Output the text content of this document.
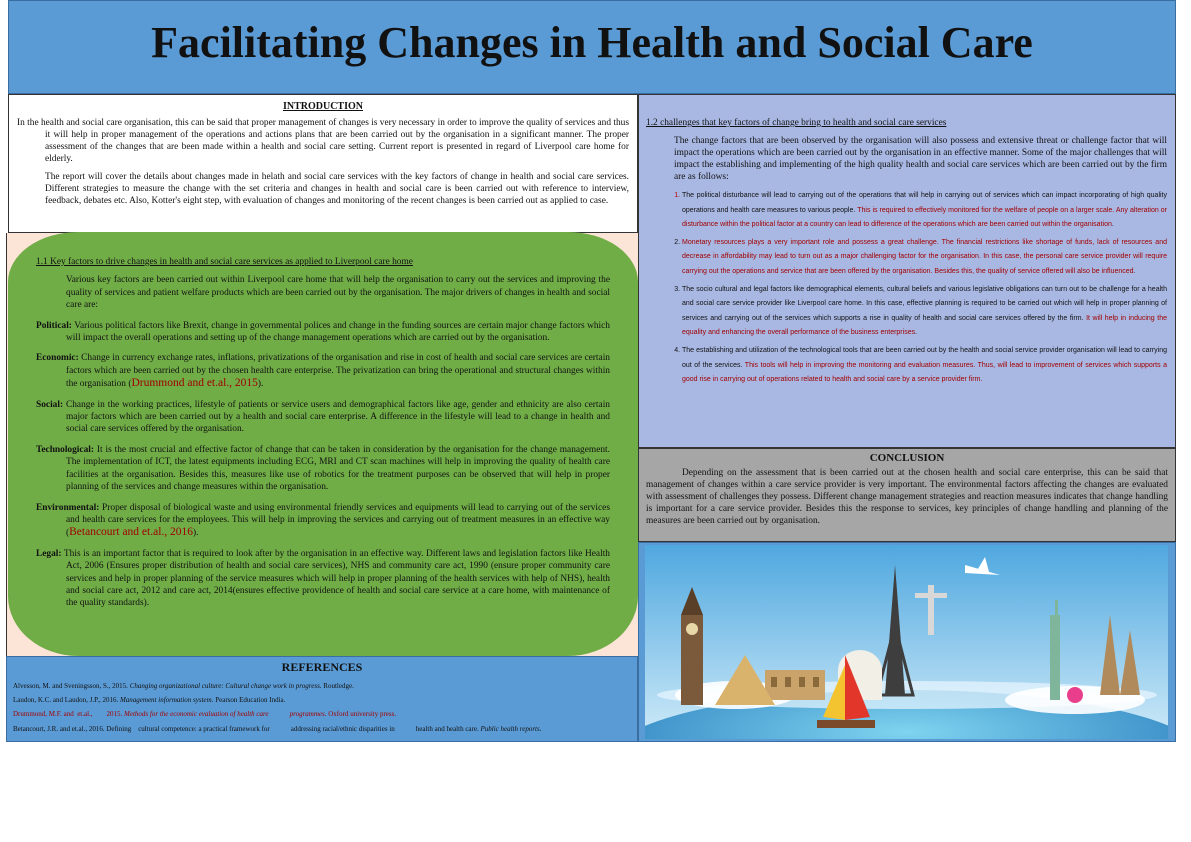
Facilitating Changes in Health and Social Care
INTRODUCTION

In the health and social care organisation, this can be said that proper management of changes is very necessary in order to improve the quality of services and thus it will help in proper management of the operations and actions plans that are been carried out by the organisation in a significant manner. The proper assessment of the changes that are been made within a health and social care setting. Current report is presented in regard of Liverpool care home for elderly.

The report will cover the details about changes made in helath and social care services with the key factors of change in health and social care services. Different strategies to measure the change with the set criteria and changes in health and social care is been carried out with reference to interview, feedback, debates etc. Also, Kotter's eight step, with evaluation of changes and monitoring of the recent changes is been carried out as applied to case.

1.1 Key factors to drive changes in health and social care services as applied to Liverpool care home

Various key factors are been carried out within Liverpool care home that will help the organisation to carry out the services and improving the quality of services and patient welfare products which are been carried out by the organisation. The major drivers of changes in health and social care are:

Political: Various political factors like Brexit, change in governmental polices and change in the funding sources are certain major change factors which will impact the overall operations and setting up of the change management operations which are carried out by the organisation.

Economic: Change in currency exchange rates, inflations, privatizations of the organisation and rise in cost of health and social care services are certain factors which are been carried out by the chosen health care enterprise. The privatization can bring the operational and structural changes within the organisation (Drummond and et.al., 2015).

Social: Change in the working practices, lifestyle of patients or service users and demographical factors like age, gender and ethnicity are also certain major factors which are been carried out by a health and social care enterprise. A difference in the lifestyle will lead to a change in health and social care services offered by the organisation.

Technological: It is the most crucial and effective factor of change that can be taken in consideration by the organisation for the change management. The implementation of ICT, the latest equipments including ECG, MRI and CT scan machines will help in improving the quality of health care facilities at the organisation. Besides this, measures like use of robotics for the treatment purposes can be observed that will help in proper planning of the services and change measures within the organisation.

Environmental: Proper disposal of biological waste and using environmental friendly services and equipments will lead to carrying out of the services and health care services for the employees. This will help in improving the services and carrying out of treatment measures in an effective way (Betancourt and et.al., 2016).

Legal: This is an important factor that is required to look after by the organisation in an effective way. Different laws and legislation factors like Health Act, 2006 (Ensures proper distribution of health and social care services), NHS and community care act, 1990 (ensure proper community care services and help in proper planning of the service measures which will help in proper planning of the health services with help of NHS), health and social care act, 2012 and care act, 2014(ensures effective providence of health and social care service at a care home, with maintenance of the quality standards).

1.2 challenges that key factors of change bring to health and social care services

The change factors that are been observed by the organisation will also possess and extensive threat or challenge factor that will impact the operations which are been carried out by the organisation in an effective manner. Some of the major challenges that will impact the establishing and implementing of the high quality health and social care services which are been carried out by the firm are as follows:

1. The political disturbance will lead to carrying out of the operations that will help in carrying out of services which can impact incorporating of high quality operations and health care measures to various people. This is required to effectively monitored fior the welfare of people on a larger scale. Any alteration or disturbance within the political factor at a country can lead to difference of the operations which are been carried out within the organisation.
2. Monetary resources plays a very important role and possess a great challenge. The financial restrictions like shortage of funds, lack of resources and decrease in affordability may lead to turn out as a major challenging factor for the organisation. In this case, the personal care service provider will require carrying out the operations and service that are been offered by the organisation. Besides this, the quality of service offered will also be influenced.
3. The socio cultural and legal factors like demographical elements, cultural beliefs and various legislative obligations can turn out to be challenge for a health and social care service provider like Liverpool care home. In this case, effective planning is required to be carried out which will help in proper planning of services and carrying out of the services which supports a rise in quality of health and social care services offered by the firm. It will help in inducing the equality and enhancing the overall performance of the business enterprises.
4. The establishing and utilization of the technological tools that are been carried out by the health and social service provider organisation will lead to carrying out of the services. This tools will help in improving the monitoring and evaluation measures. Thus, will lead to improvement of services which supports a good rise in carrying out of operations related to health and social care by a service provider firm.
CONCLUSION

Depending on the assessment that is been carried out at the chosen health and social care enterprise, this can be said that management of changes within a care service provider is very important. The environmental factors affecting the changes are evaluated with assessment of challenges they possess. Different change management strategies and reaction measures indicates that change handling is important for a care service provider. Besides this the response to services, key principles of change handling and planning of the measures are been carried out by organisation.

REFERENCES
Alvesson, M. and Sveningsson, S., 2015. Changing organizational culture: Cultural change work in progress. Routledge.
Laudon, K.C. and Laudon, J.P., 2016. Management information system. Pearson Education India.
Drummond, M.F. and  et.al.,        2015. Methods for the economic evaluation of health care            programmes. Oxford university press.
Betancourt, J.R. and et.al., 2016. Defining    cultural competence: a practical framework for            addressing racial/ethnic disparities in            health and health care. Public health reports.
